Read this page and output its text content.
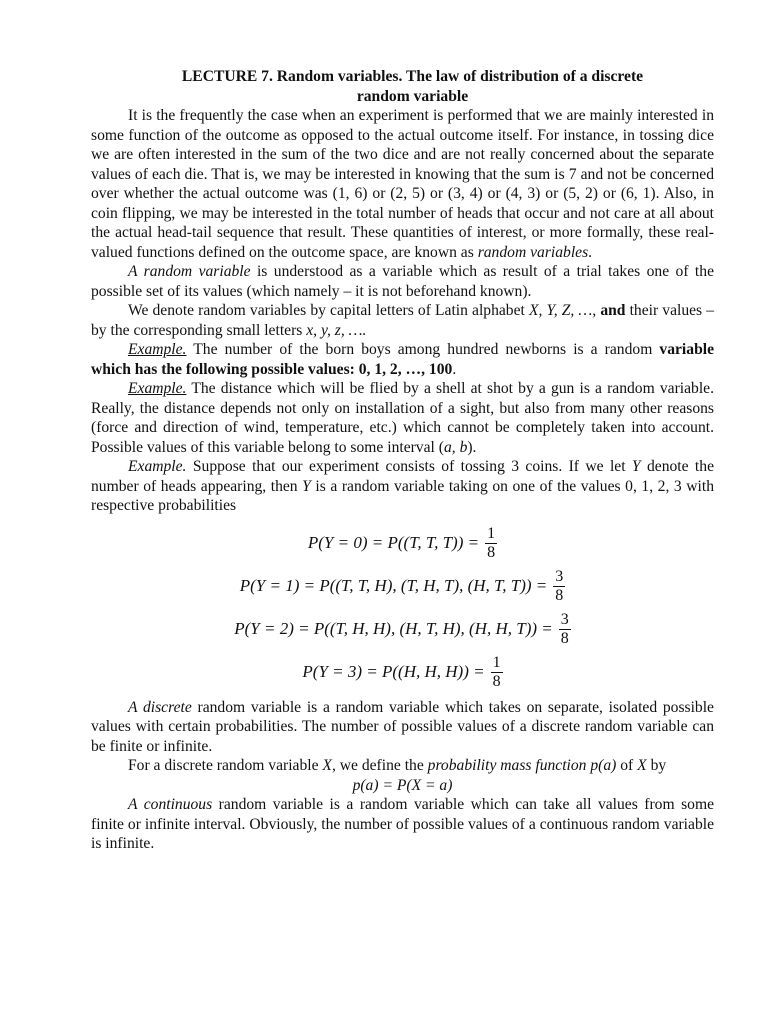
LECTURE 7. Random variables. The law of distribution of a discrete
random variable

It is the frequently the case when an experiment is performed that we are mainly interested in some function of the outcome as opposed to the actual outcome itself. For instance, in tossing dice we are often interested in the sum of the two dice and are not really concerned about the separate values of each die. That is, we may be interested in knowing that the sum is 7 and not be concerned over whether the actual outcome was (1, 6) or (2, 5) or (3, 4) or (4, 3) or (5, 2) or (6, 1). Also, in coin flipping, we may be interested in the total number of heads that occur and not care at all about the actual head-tail sequence that result. These quantities of interest, or more formally, these real-valued functions defined on the outcome space, are known as random variables.

A random variable is understood as a variable which as result of a trial takes one of the possible set of its values (which namely – it is not beforehand known).

We denote random variables by capital letters of Latin alphabet X, Y, Z, …, and their values – by the corresponding small letters x, y, z, ….

Example. The number of the born boys among hundred newborns is a random variable which has the following possible values: 0, 1, 2, …, 100.

Example. The distance which will be flied by a shell at shot by a gun is a random variable. Really, the distance depends not only on installation of a sight, but also from many other reasons (force and direction of wind, temperature, etc.) which cannot be completely taken into account. Possible values of this variable belong to some interval (a, b).

Example. Suppose that our experiment consists of tossing 3 coins. If we let Y denote the number of heads appearing, then Y is a random variable taking on one of the values 0, 1, 2, 3 with respective probabilities

P(Y = 0) = P((T, T, $T)) = \frac{1}{8}$
P(Y = 1) = P((T, T, H), (T, H, T), (H, T, $T)) = \frac{3}{8}$
P(Y = 2) = P((T, H, H), (H, T, H), (H, H, $T)) = \frac{3}{8}$
P(Y = 3) = P((H, H, $H)) = \frac{1}{8}$

A discrete random variable is a random variable which takes on separate, isolated possible values with certain probabilities. The number of possible values of a discrete random variable can be finite or infinite.

For a discrete random variable X, we define the probability mass function p(a) of X by

p(a) = P(X = a)

A continuous random variable is a random variable which can take all values from some finite or infinite interval. Obviously, the number of possible values of a continuous random variable is infinite.
